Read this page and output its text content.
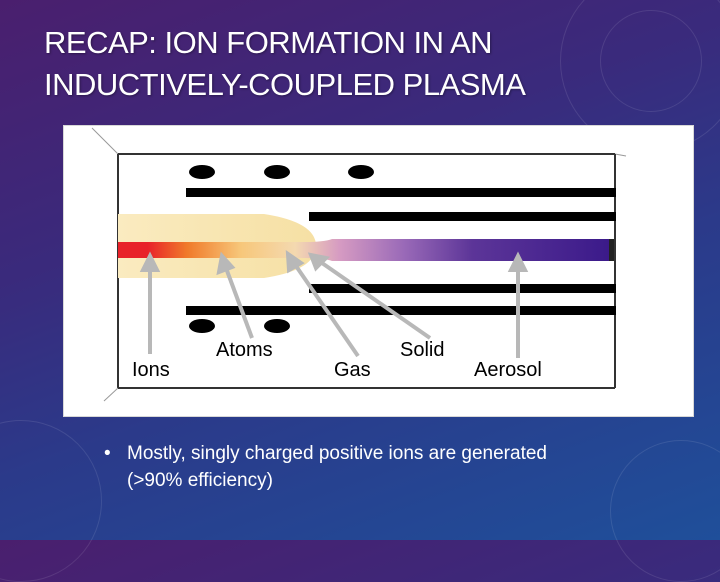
RECAP: ION FORMATION IN AN
INDUCTIVELY-COUPLED PLASMA
Ions
Atoms
Gas
Solid
Aerosol
• Mostly, singly charged positive ions are generated (>90% efficiency)
